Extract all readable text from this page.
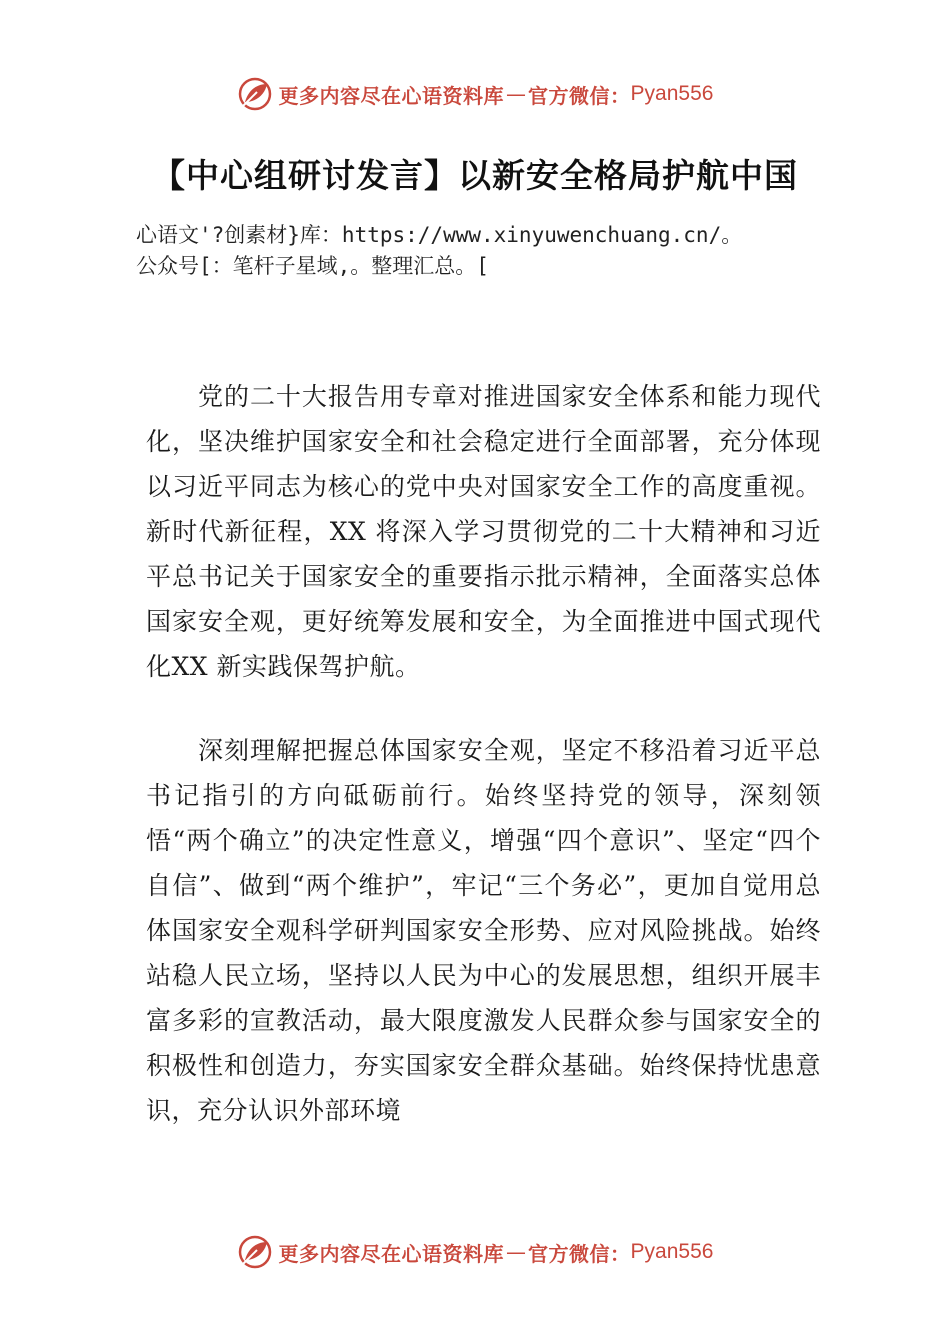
更多内容尽在心语资料库 — 官方微信： Pyan556
【中心组研讨发言】以新安全格局护航中国
心语文'?创素材}库：https://www.xinyuwenchuang.cn/。
公众号[：笔杆子星域,。整理汇总。[

党的二十大报告用专章对推进国家安全体系和能力现代化，坚决维护国家安全和社会稳定进行全面部署，充分体现以习近平同志为核心的党中央对国家安全工作的高度重视。新时代新征程，XX 将深入学习贯彻党的二十大精神和习近平总书记关于国家安全的重要指示批示精神，全面落实总体国家安全观，更好统筹发展和安全，为全面推进中国式现代化XX 新实践保驾护航。

深刻理解把握总体国家安全观，坚定不移沿着习近平总书记指引的方向砥砺前行。始终坚持党的领导，深刻领悟“两个确立”的决定性意义，增强“四个意识”、坚定“四个自信”、做到“两个维护”，牢记“三个务必”，更加自觉用总体国家安全观科学研判国家安全形势、应对风险挑战。始终站稳人民立场，坚持以人民为中心的发展思想，组织开展丰富多彩的宣教活动，最大限度激发人民群众参与国家安全的积极性和创造力，夯实国家安全群众基础。始终保持忧患意识，充分认识外部环境

更多内容尽在心语资料库 — 官方微信： Pyan556
